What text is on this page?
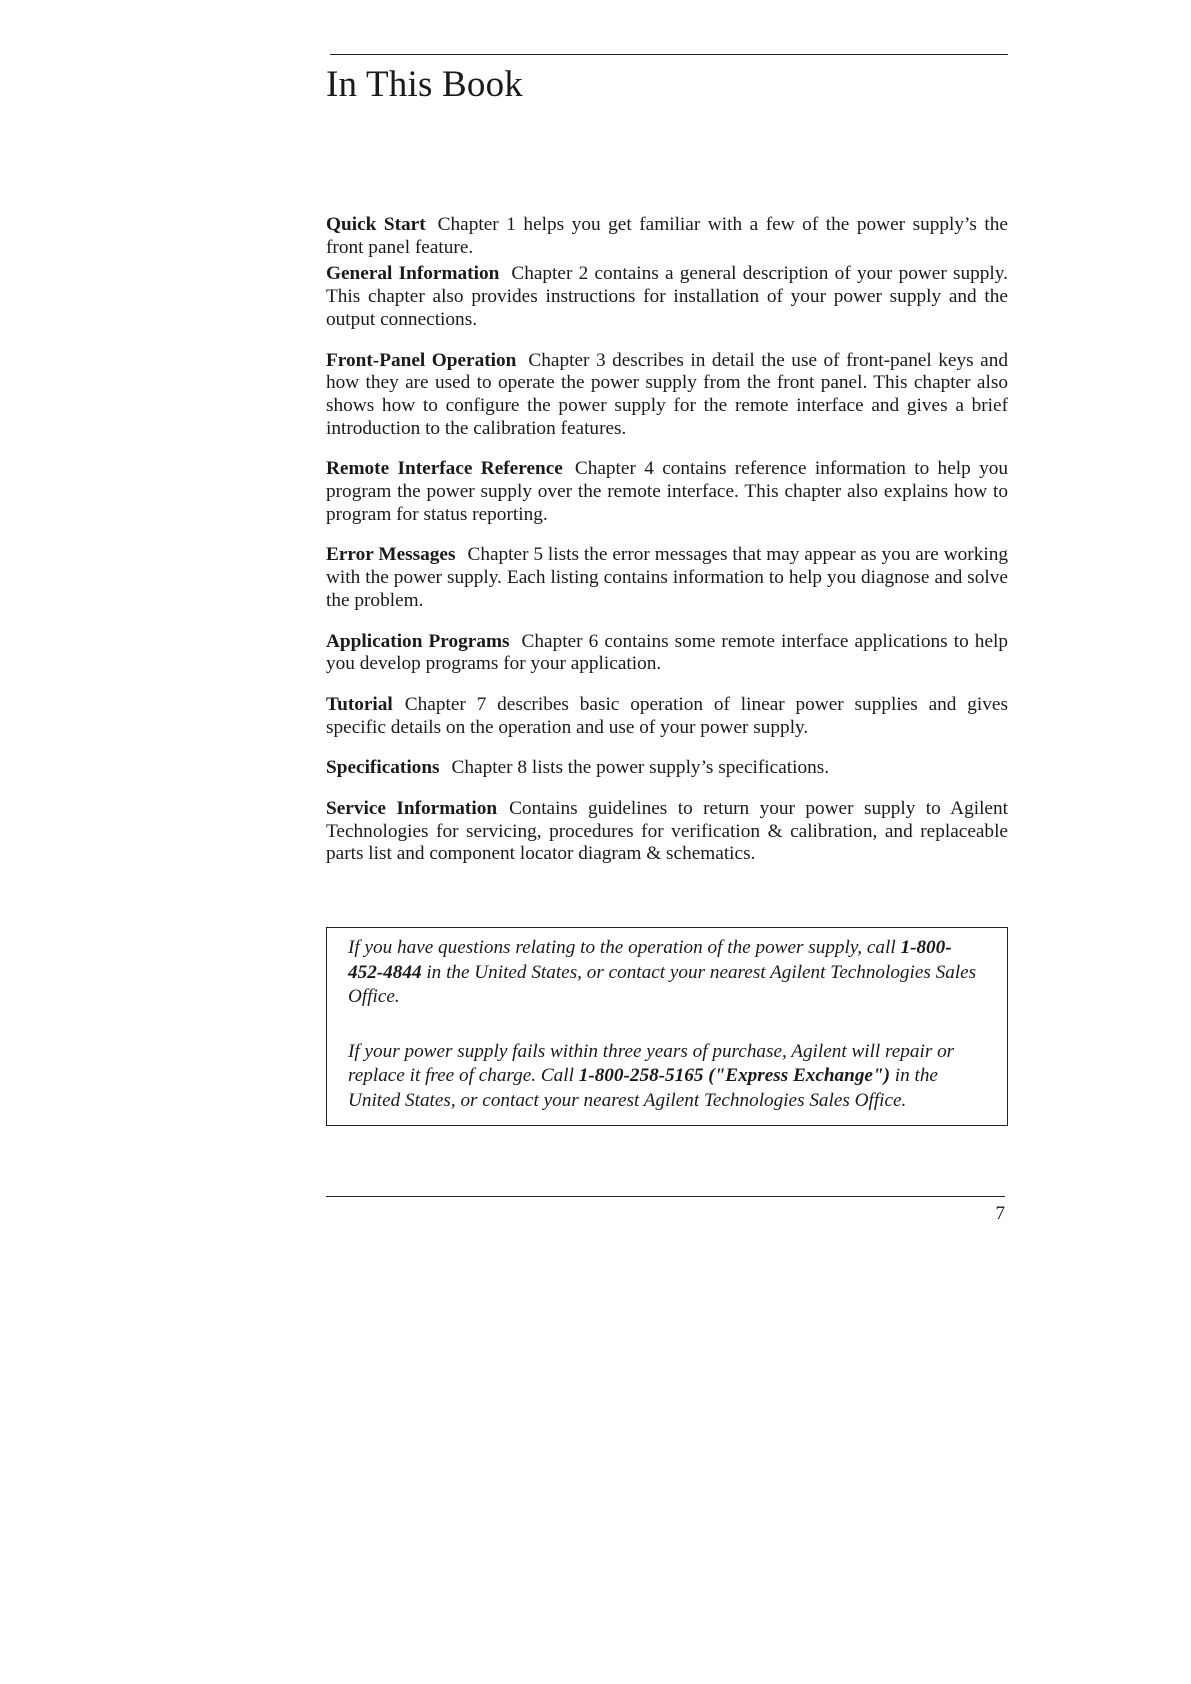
In This Book

Quick Start Chapter 1 helps you get familiar with a few of the power supply’s the front panel feature.

General Information Chapter 2 contains a general description of your power supply. This chapter also provides instructions for installation of your power supply and the output connections.

Front-Panel Operation Chapter 3 describes in detail the use of front-panel keys and how they are used to operate the power supply from the front panel. This chapter also shows how to configure the power supply for the remote interface and gives a brief introduction to the calibration features.

Remote Interface Reference Chapter 4 contains reference information to help you program the power supply over the remote interface. This chapter also explains how to program for status reporting.

Error Messages Chapter 5 lists the error messages that may appear as you are working with the power supply. Each listing contains information to help you diagnose and solve the problem.

Application Programs Chapter 6 contains some remote interface applications to help you develop programs for your application.

Tutorial Chapter 7 describes basic operation of linear power supplies and gives specific details on the operation and use of your power supply.

Specifications Chapter 8 lists the power supply’s specifications.

Service Information Contains guidelines to return your power supply to Agilent Technologies for servicing, procedures for verification & calibration, and replaceable parts list and component locator diagram & schematics.

If you have questions relating to the operation of the power supply, call 1-800-452-4844 in the United States, or contact your nearest Agilent Technologies Sales Office.

If your power supply fails within three years of purchase, Agilent will repair or replace it free of charge. Call 1-800-258-5165 ("Express Exchange") in the United States, or contact your nearest Agilent Technologies Sales Office.

7
